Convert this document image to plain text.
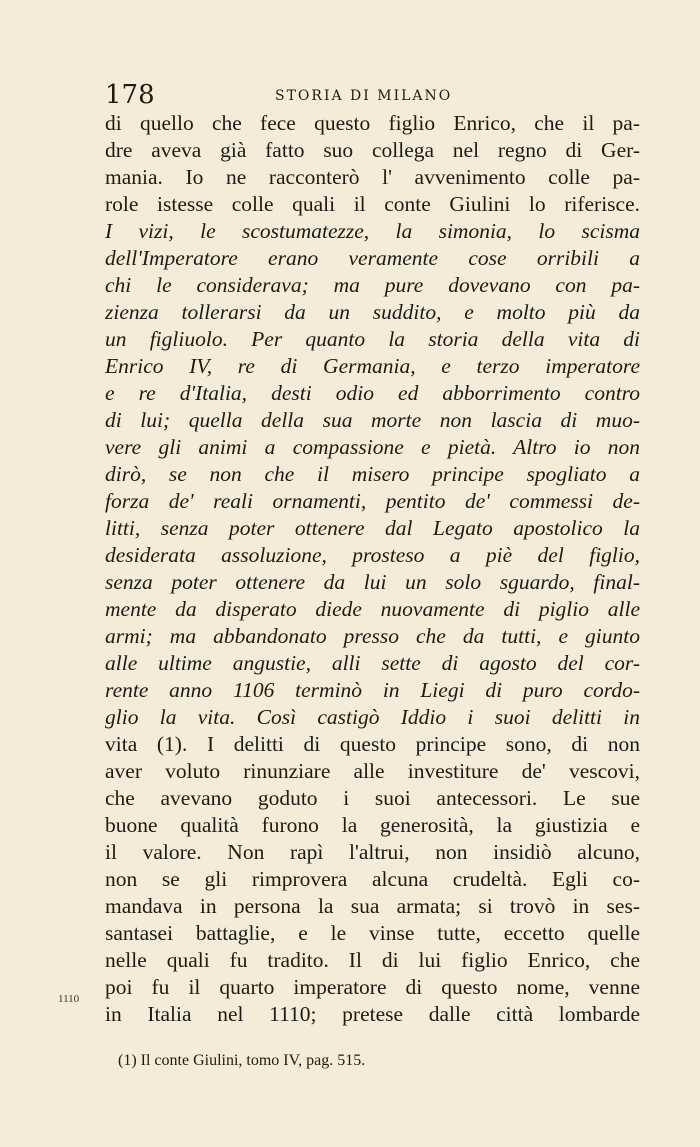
178	STORIA DI MILANO
di quello che fece questo figlio Enrico, che il pa-
dre aveva già fatto suo collega nel regno di Ger-
mania. Io ne racconterò l' avvenimento colle pa-
role istesse colle quali il conte Giulini lo riferisce.
I vizi, le scostumatezze, la simonia, lo scisma
dell'Imperatore erano veramente cose orribili a
chi le considerava; ma pure dovevano con pa-
zienza tollerarsi da un suddito, e molto più da
un figliuolo. Per quanto la storia della vita di
Enrico IV, re di Germania, e terzo imperatore
e re d'Italia, desti odio ed abborrimento contro
di lui; quella della sua morte non lascia di muo-
vere gli animi a compassione e pietà. Altro io non
dirò, se non che il misero principe spogliato a
forza de' reali ornamenti, pentito de' commessi de-
litti, senza poter ottenere dal Legato apostolico la
desiderata assoluzione, prosteso a piè del figlio,
senza poter ottenere da lui un solo sguardo, final-
mente da disperato diede nuovamente di piglio alle
armi; ma abbandonato presso che da tutti, e giunto
alle ultime angustie, alli sette di agosto del cor-
rente anno 1106 terminò in Liegi di puro cordo-
glio la vita. Così castigò Iddio i suoi delitti in
vita (1). I delitti di questo principe sono, di non
aver voluto rinunziare alle investiture de' vescovi,
che avevano goduto i suoi antecessori. Le sue
buone qualità furono la generosità, la giustizia e
il valore. Non rapì l'altrui, non insidiò alcuno,
non se gli rimprovera alcuna crudeltà. Egli co-
mandava in persona la sua armata; si trovò in ses-
santasei battaglie, e le vinse tutte, eccetto quelle
nelle quali fu tradito. Il di lui figlio Enrico, che
poi fu il quarto imperatore di questo nome, venne
in Italia nel 1110; pretese dalle città lombarde
1110
(1) Il conte Giulini, tomo IV, pag. 515.
